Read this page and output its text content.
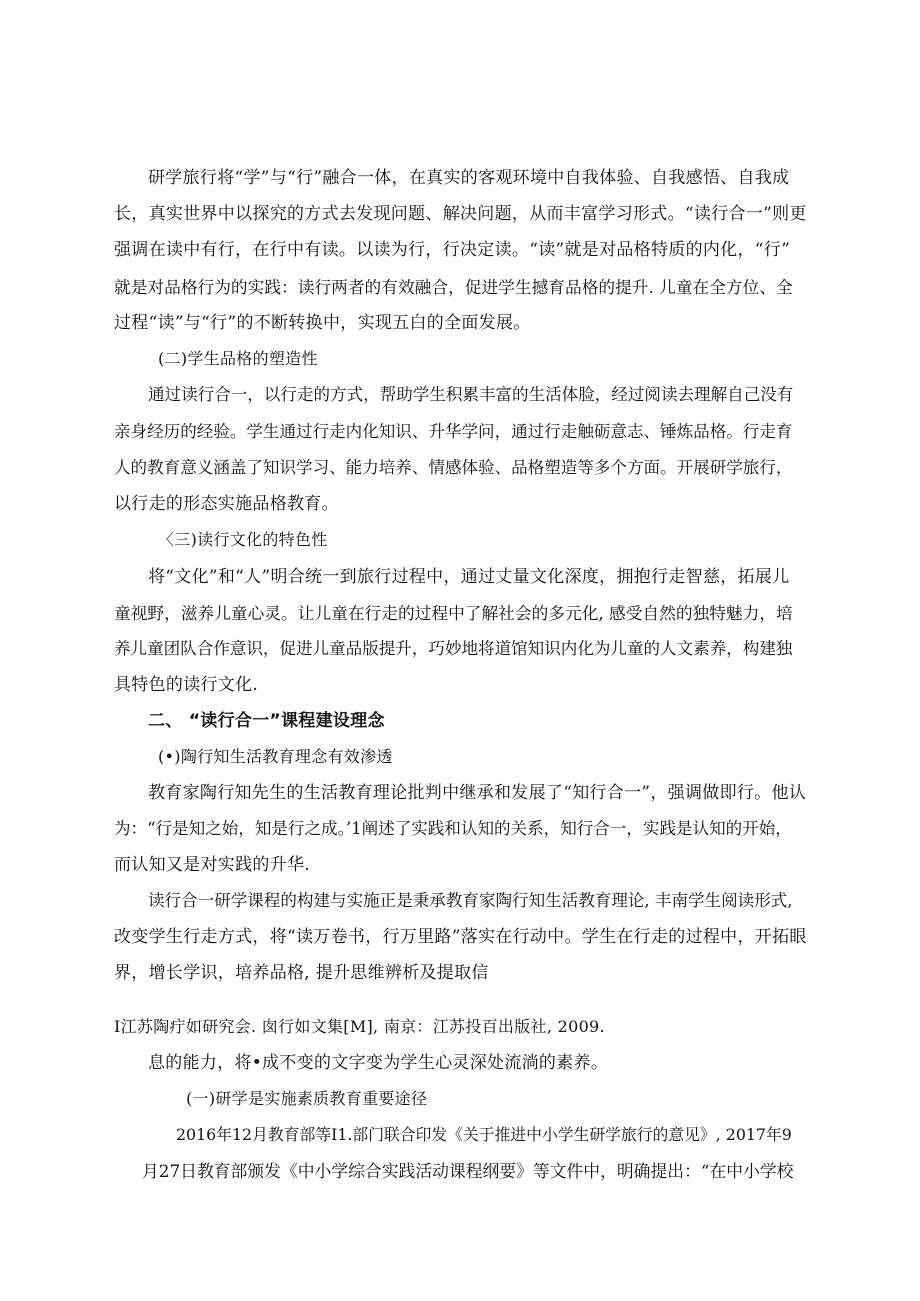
研学旅行将“学”与“行”融合一体，在真实的客观环境中自我体验、自我感悟、自我成
长，真实世界中以探究的方式去发现问题、解决问题，从而丰富学习形式。“读行合一”则更
强调在读中有行，在行中有读。以读为行，行决定读。“读”就是对品格特质的内化，“行”
就是对品格行为的实践：读行两者的有效融合，促进学生撼育品格的提升. 儿童在全方位、全
过程“读”与“行”的不断转换中，实现五白的全面发展。
(二)学生品格的塑造性
通过读行合一，以行走的方式，帮助学生积累丰富的生活体脸，经过阅读去理解自己没有
亲身经历的经验。学生通过行走内化知识、升华学问，通过行走触砺意志、锤炼品格。行走育
人的教育意义涵盖了知识学习、能力培养、情感体验、品格塑造等多个方面。开展研学旅行，
以行走的形态实施品格教育。
〈三)读行文化的特色性
将“文化”和“人”明合统一到旅行过程中，通过丈量文化深度，拥抱行走智慈，拓展儿
童视野，滋养儿童心灵。让儿童在行走的过程中了解社会的多元化, 感受自然的独特魅力，培
养儿童团队合作意识，促进儿童品版提升，巧妙地将道馆知识内化为儿童的人文素养，构建独
具特色的读行文化.
二、 “读行合一”课程建设理念
(•)陶行知生活教育理念有效渗透
教育家陶行知先生的生活教育理论批判中继承和发展了“知行合一”，强调做即行。他认
为：“行是知之始，知是行之成。’1阐述了实践和认知的关系，知行合一，实践是认知的开始，
而认知又是对实践的升华.
读行合一研学课程的构建与实施正是秉承教育家陶行知生活教育理论, 丰南学生阅读形式,
改变学生行走方式，将“读万卷书，行万里路”落实在行动中。学生在行走的过程中，开拓眼
界，增长学识，培养品格, 提升思维辨析及提取信
I江苏陶疔如研究会. 囱行如文集[M], 南京：江苏投百出版社, 2009.
息的能力，将•成不变的文字变为学生心灵深处流淌的素养。
(一)研学是实施素质教育重要途径
2016年12月教育部等I1.部门联合印发《关于推进中小学生研学旅行的意见》, 2017年9
月27日教育部颁发《中小学综合实践活动课程纲要》等文件中，明确提出：“在中小学校
